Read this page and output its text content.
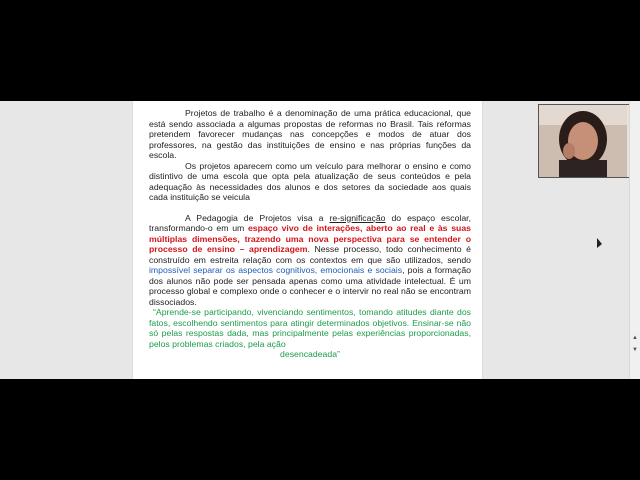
Projetos de trabalho é a denominação de uma prática educacional, que está sendo associada a algumas propostas de reformas no Brasil. Tais reformas pretendem favorecer mudanças nas concepções e modos de atuar dos professores, na gestão das instituições de ensino e nas próprias funções da escola.

Os projetos aparecem como um veículo para melhorar o ensino e como distintivo de uma escola que opta pela atualização de seus conteúdos e pela adequação às necessidades dos alunos e dos setores da sociedade aos quais cada instituição se veicula

A Pedagogia de Projetos visa a re-significação do espaço escolar, transformando-o em um espaço vivo de interações, aberto ao real e às suas múltiplas dimensões, trazendo uma nova perspectiva para se entender o processo de ensino – aprendizagem. Nesse processo, todo conhecimento é construído em estreita relação com os contextos em que são utilizados, sendo impossível separar os aspectos cognitivos, emocionais e sociais, pois a formação dos alunos não pode ser pensada apenas como uma atividade intelectual. É um processo global e complexo onde o conhecer e o intervir no real não se encontram dissociados.

“Aprende-se participando, vivenciando sentimentos, tomando atitudes diante dos fatos, escolhendo sentimentos para atingir determinados objetivos. Ensinar-se não só pelas respostas dada, mas principalmente pelas experiências proporcionadas, pelos problemas criados, pela ação

desencadeada”

▲
▼
